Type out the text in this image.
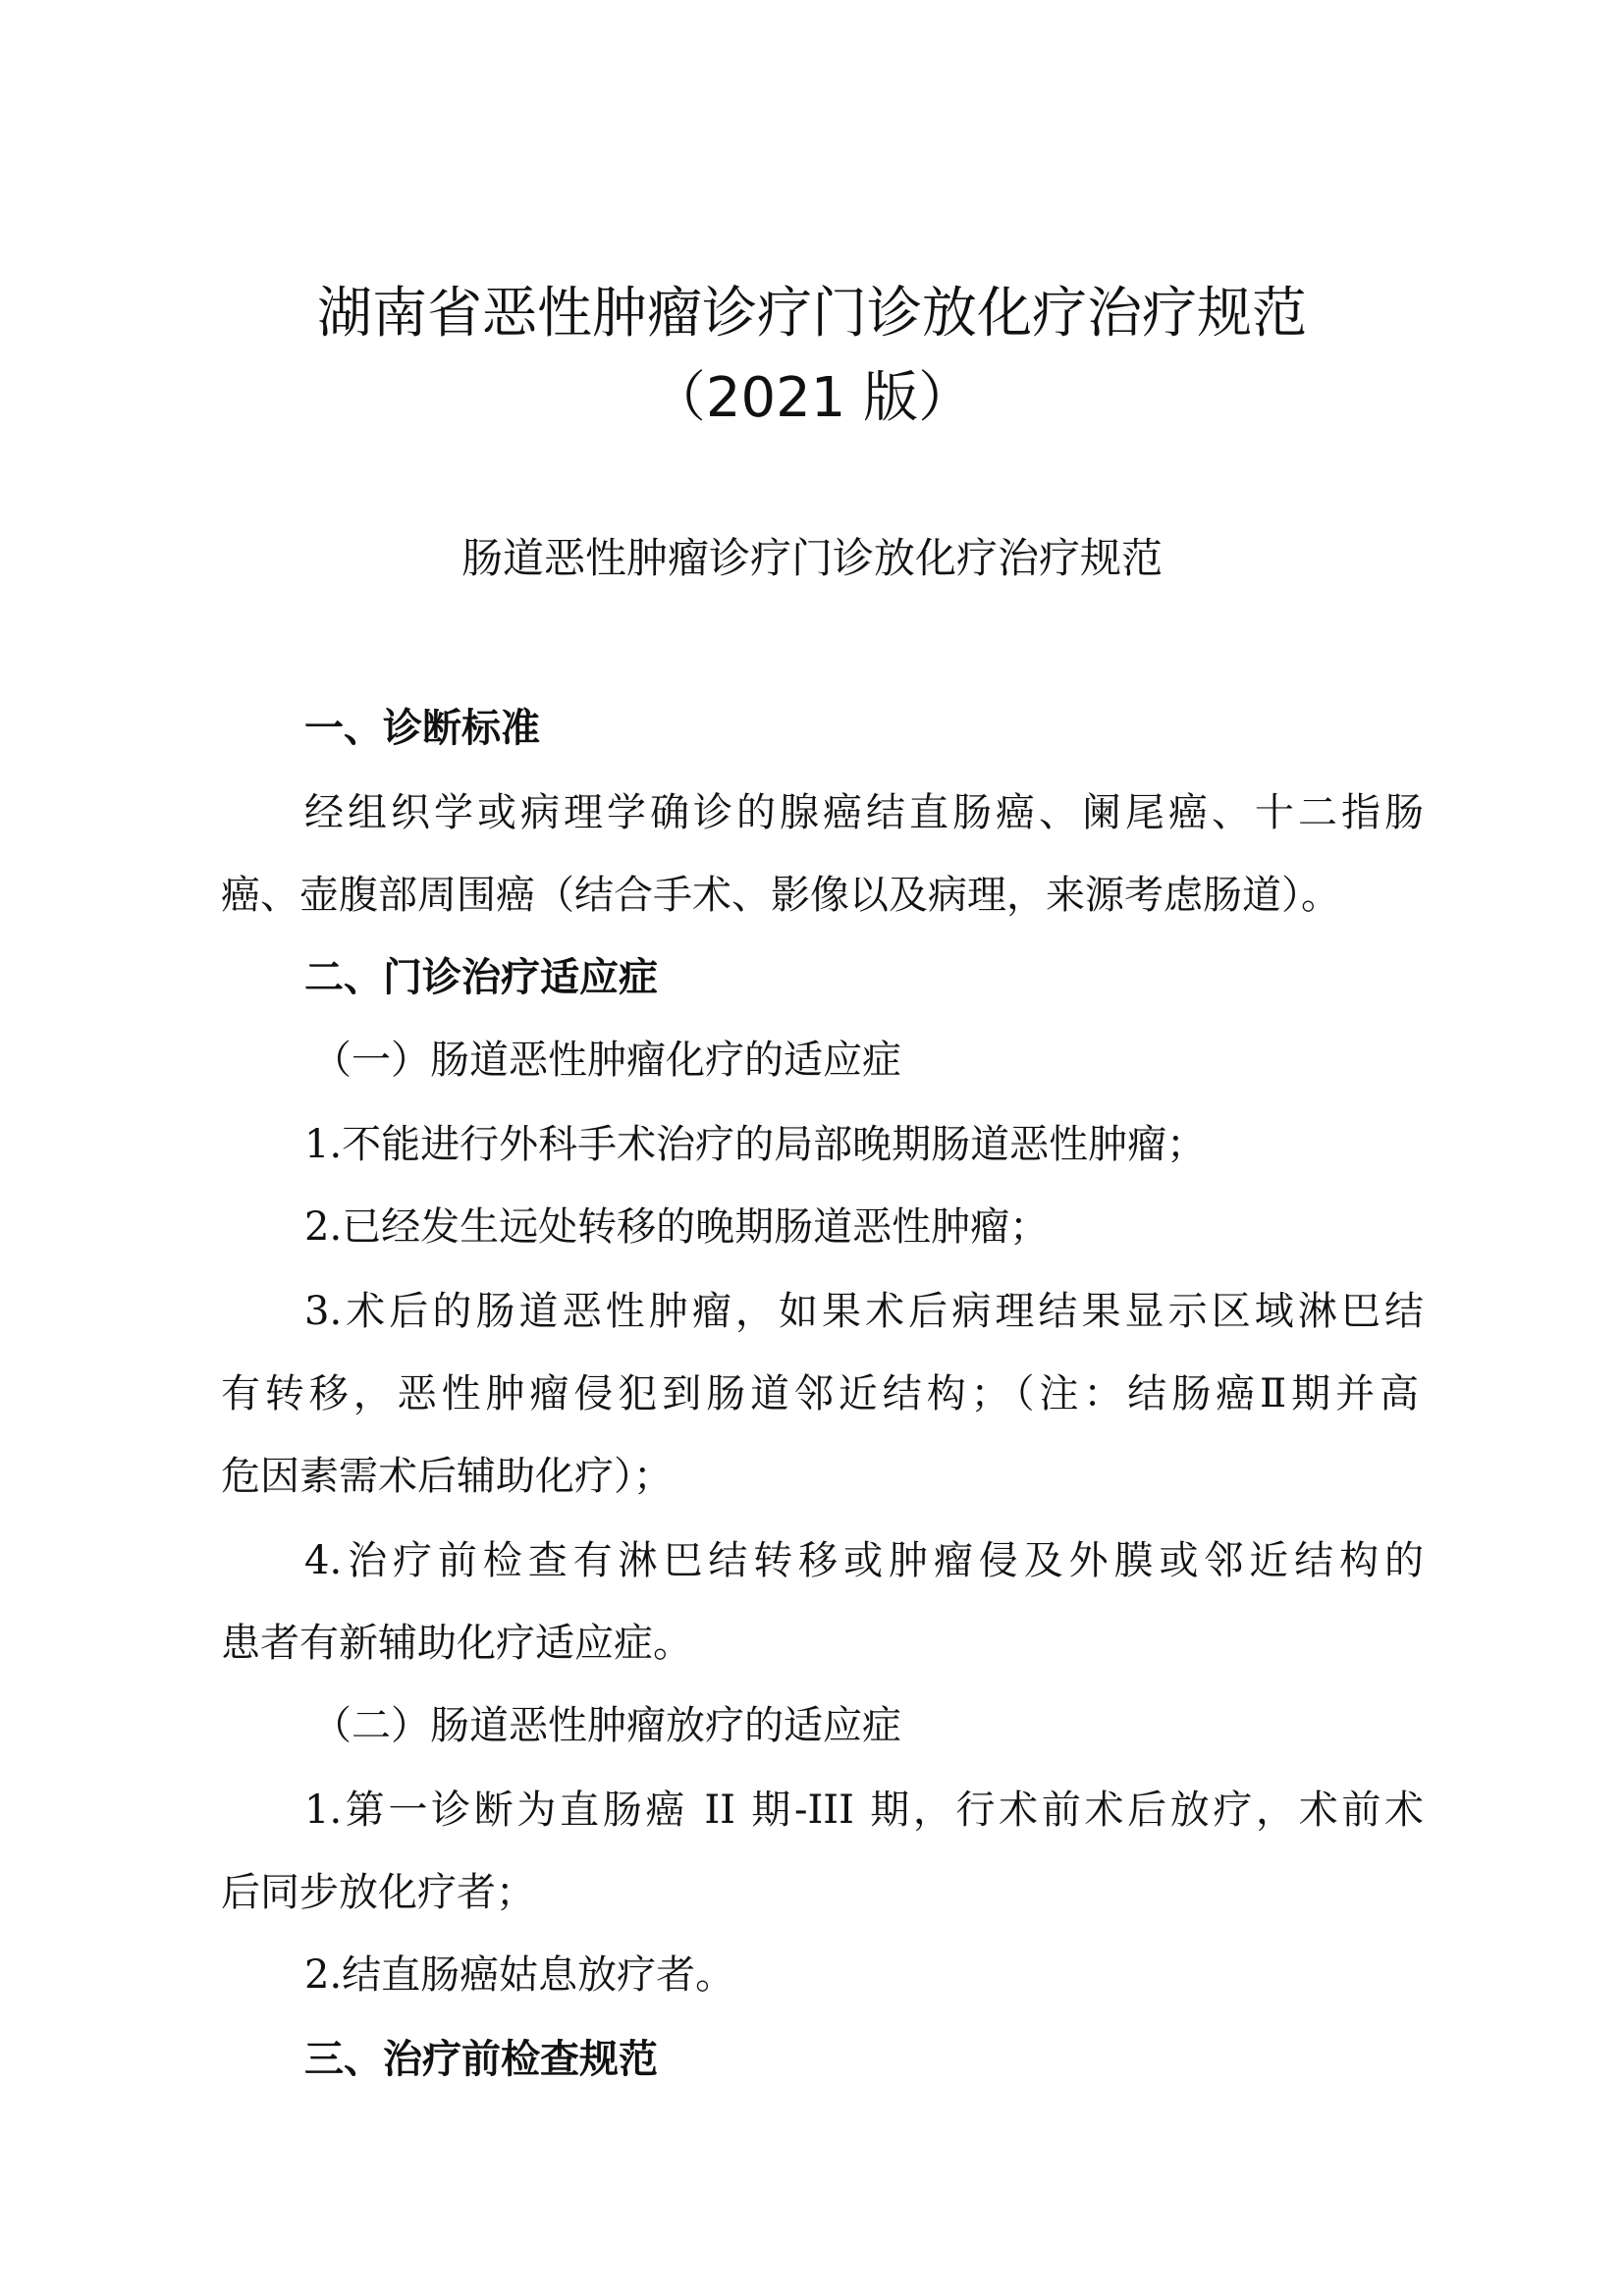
湖南省恶性肿瘤诊疗门诊放化疗治疗规范
（2021 版）
肠道恶性肿瘤诊疗门诊放化疗治疗规范
一、诊断标准
经组织学或病理学确诊的腺癌结直肠癌、阑尾癌、十二指肠
癌、壶腹部周围癌（结合手术、影像以及病理，来源考虑肠道）。
二、门诊治疗适应症
（一）肠道恶性肿瘤化疗的适应症
1.不能进行外科手术治疗的局部晚期肠道恶性肿瘤；
2.已经发生远处转移的晚期肠道恶性肿瘤；
3.术后的肠道恶性肿瘤，如果术后病理结果显示区域淋巴结
有转移，恶性肿瘤侵犯到肠道邻近结构；（注：结肠癌Ⅱ期并高
危因素需术后辅助化疗）；
4.治疗前检查有淋巴结转移或肿瘤侵及外膜或邻近结构的
患者有新辅助化疗适应症。
（二）肠道恶性肿瘤放疗的适应症
1.第一诊断为直肠癌 II 期-III 期，行术前术后放疗，术前术
后同步放化疗者；
2.结直肠癌姑息放疗者。
三、治疗前检查规范
